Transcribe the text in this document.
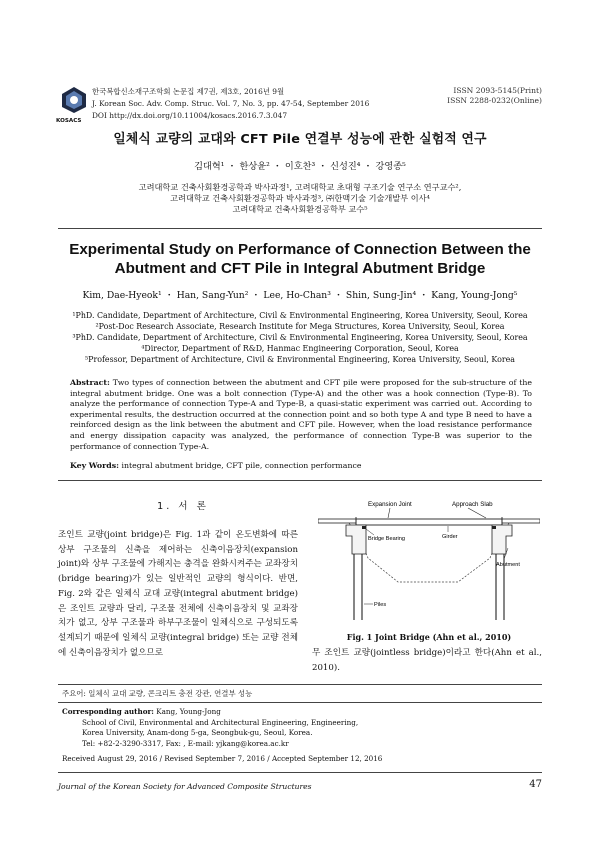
KOSACS
한국복합신소재구조학회 논문집 제7권, 제3호, 2016년 9월
J. Korean Soc. Adv. Comp. Struc. Vol. 7, No. 3, pp. 47-54, September 2016
DOI http://dx.doi.org/10.11004/kosacs.2016.7.3.047
ISSN 2093-5145(Print)
ISSN 2288-0232(Online)
일체식 교량의 교대와 CFT Pile 연결부 성능에 관한 실험적 연구
김대혁¹ ・ 한상윤² ・ 이호찬³ ・ 신성진⁴ ・ 강영종⁵
고려대학교 건축사회환경공학과 박사과정¹, 고려대학교 초대형 구조기술 연구소 연구교수²,
고려대학교 건축사회환경공학과 박사과정³, ㈜한맥기술 기술개발부 이사⁴
고려대학교 건축사회환경공학부 교수⁵
Experimental Study on Performance of Connection Between the
Abutment and CFT Pile in Integral Abutment Bridge
Kim, Dae-Hyeok¹ ・ Han, Sang-Yun² ・ Lee, Ho-Chan³ ・ Shin, Sung-Jin⁴ ・ Kang, Young-Jong⁵
¹PhD. Candidate, Department of Architecture, Civil & Environmental Engineering, Korea University, Seoul, Korea
²Post-Doc Research Associate, Research Institute for Mega Structures, Korea University, Seoul, Korea
³PhD. Candidate, Department of Architecture, Civil & Environmental Engineering, Korea University, Seoul, Korea
⁴Director, Department of R&D, Hanmac Engineering Corporation, Seoul, Korea
⁵Professor, Department of Architecture, Civil & Environmental Engineering, Korea University, Seoul, Korea
Abstract: Two types of connection between the abutment and CFT pile were proposed for the sub-structure of the integral abutment bridge. One was a bolt connection (Type-A) and the other was a hook connection (Type-B). To analyze the performance of connection Type-A and Type-B, a quasi-static experiment was carried out. According to experimental results, the destruction occurred at the connection point and so both type A and type B need to have a reinforced design as the link between the abutment and CFT pile. However, when the load resistance performance and energy dissipation capacity was analyzed, the performance of connection Type-B was superior to the performance of connection Type-A.
Key Words: integral abutment bridge, CFT pile, connection performance
1. 서 론
조인트 교량(joint bridge)은 Fig. 1과 같이 온도변화에 따른 상부 구조물의 신축을 제어하는 신축이음장치(expansion joint)와 상부 구조물에 가해지는 충격을 완화시켜주는 교좌장치(bridge bearing)가 있는 일반적인 교량의 형식이다. 반면, Fig. 2와 같은 일체식 교대 교량(integral abutment bridge)은 조인트 교량과 달리, 구조물 전체에 신축이음장치 및 교좌장치가 없고, 상부 구조물과 하부구조물이 일체식으로 구성되도록 설계되기 때문에 일체식 교량(integral bridge) 또는 교량 전체에 신축이음장치가 없으므로
Expansion Joint	Approach Slab
Bridge Bearing	Girder
Abutment
Piles
Fig. 1 Joint Bridge (Ahn et al., 2010)
무 조인트 교량(jointless bridge)이라고 한다(Ahn et al., 2010).
주요어: 일체식 교대 교량, 콘크리트 충전 강관, 연결부 성능
Corresponding author: Kang, Young-Jong
School of Civil, Environmental and Architectural Engineering, Engineering,
Korea University, Anam-dong 5-ga, Seongbuk-gu, Seoul, Korea.
Tel: +82-2-3290-3317, Fax: , E-mail: yjkang@korea.ac.kr
Received August 29, 2016 / Revised September 7, 2016 / Accepted September 12, 2016
Journal of the Korean Society for Advanced Composite Structures	47
